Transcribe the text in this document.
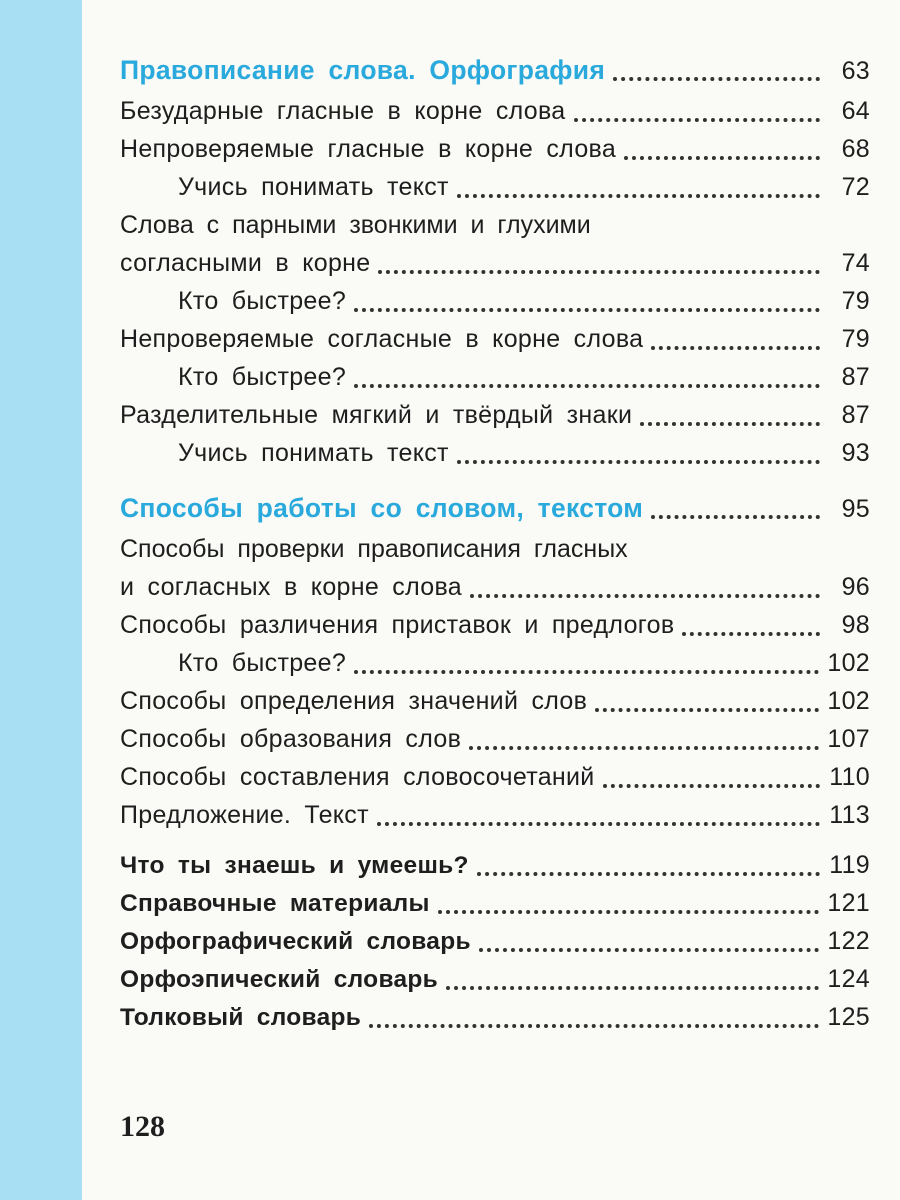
Правописание слова. Орфография	63
Безударные гласные в корне слова	64
Непроверяемые гласные в корне слова	68
Учись понимать текст	72
Слова с парными звонкими и глухими
согласными в корне	74
Кто быстрее?	79
Непроверяемые согласные в корне слова	79
Кто быстрее?	87
Разделительные мягкий и твёрдый знаки	87
Учись понимать текст	93
Способы работы со словом, текстом	95
Способы проверки правописания гласных
и согласных в корне слова	96
Способы различения приставок и предлогов	98
Кто быстрее?	102
Способы определения значений слов	102
Способы образования слов	107
Способы составления словосочетаний	110
Предложение. Текст	113
Что ты знаешь и умеешь?	119
Справочные материалы	121
Орфографический словарь	122
Орфоэпический словарь	124
Толковый словарь	125
128
